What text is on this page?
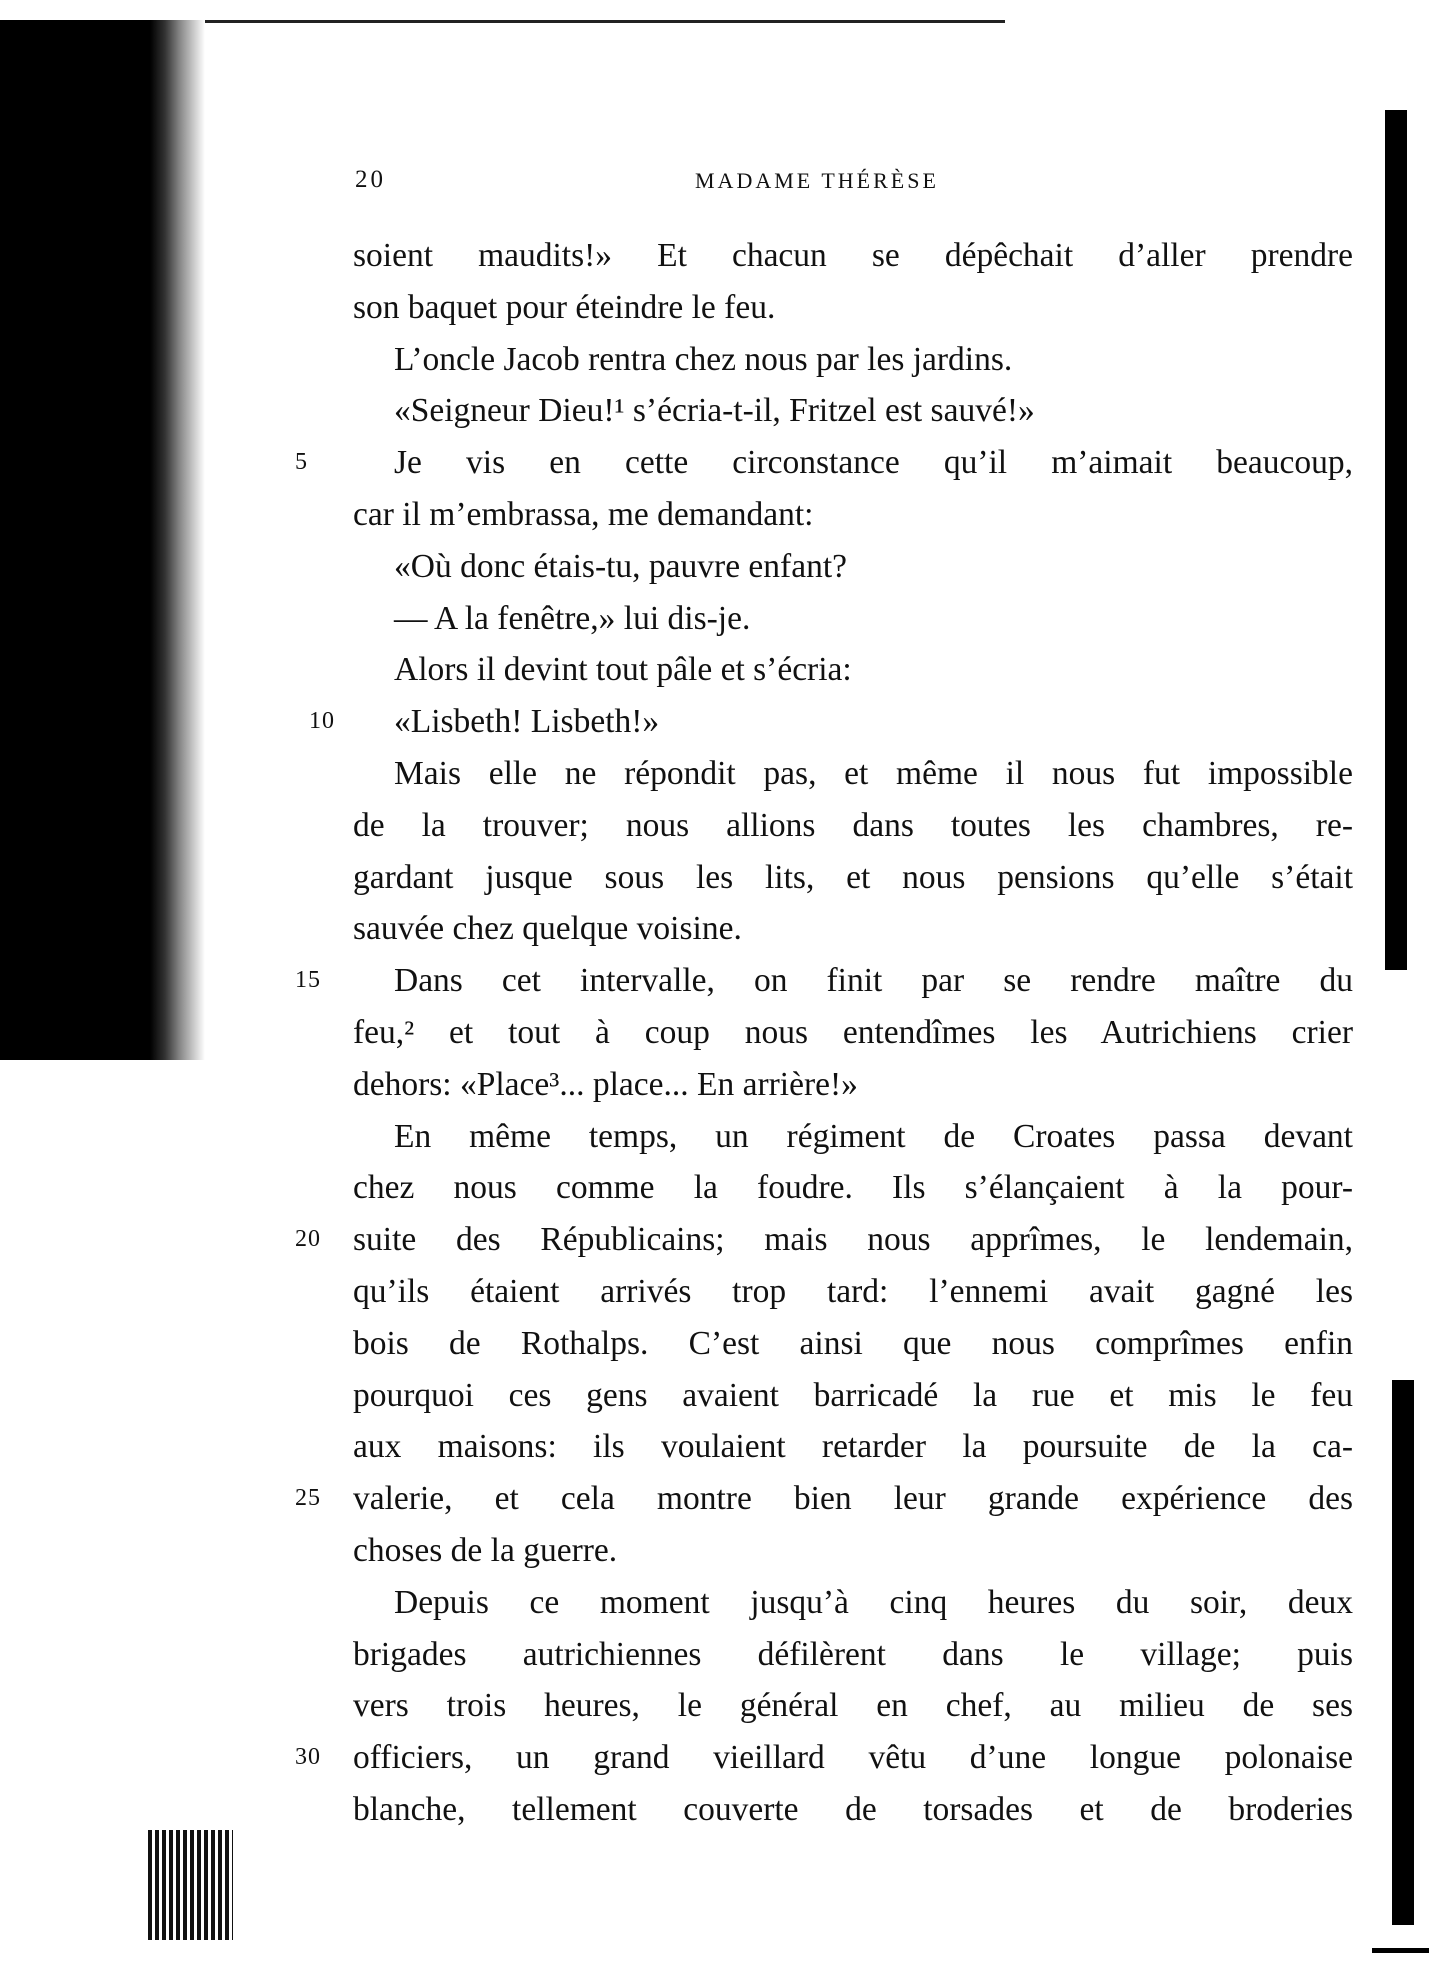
20	MADAME THÉRÈSE
soient maudits!» Et chacun se dépêchait d’aller prendre
son baquet pour éteindre le feu.
L’oncle Jacob rentra chez nous par les jardins.
«Seigneur Dieu!¹ s’écria-t-il, Fritzel est sauvé!»
5	Je vis en cette circonstance qu’il m’aimait beaucoup,
car il m’embrassa, me demandant:
«Où donc étais-tu, pauvre enfant?
— A la fenêtre,» lui dis-je.
Alors il devint tout pâle et s’écria:
10 «Lisbeth! Lisbeth!»
Mais elle ne répondit pas, et même il nous fut impossible
de la trouver; nous allions dans toutes les chambres, re-
gardant jusque sous les lits, et nous pensions qu’elle s’était
sauvée chez quelque voisine.
15	Dans cet intervalle, on finit par se rendre maître du
feu,² et tout à coup nous entendîmes les Autrichiens crier
dehors: «Place³... place... En arrière!»
En même temps, un régiment de Croates passa devant
chez nous comme la foudre. Ils s’élançaient à la pour-
20 suite des Républicains; mais nous apprîmes, le lendemain,
qu’ils étaient arrivés trop tard: l’ennemi avait gagné les
bois de Rothalps. C’est ainsi que nous comprîmes enfin
pourquoi ces gens avaient barricadé la rue et mis le feu
aux maisons: ils voulaient retarder la poursuite de la ca-
25 valerie, et cela montre bien leur grande expérience des
choses de la guerre.
Depuis ce moment jusqu’à cinq heures du soir, deux
brigades autrichiennes défilèrent dans le village; puis
vers trois heures, le général en chef, au milieu de ses
30 officiers, un grand vieillard vêtu d’une longue polonaise
blanche, tellement couverte de torsades et de broderies
